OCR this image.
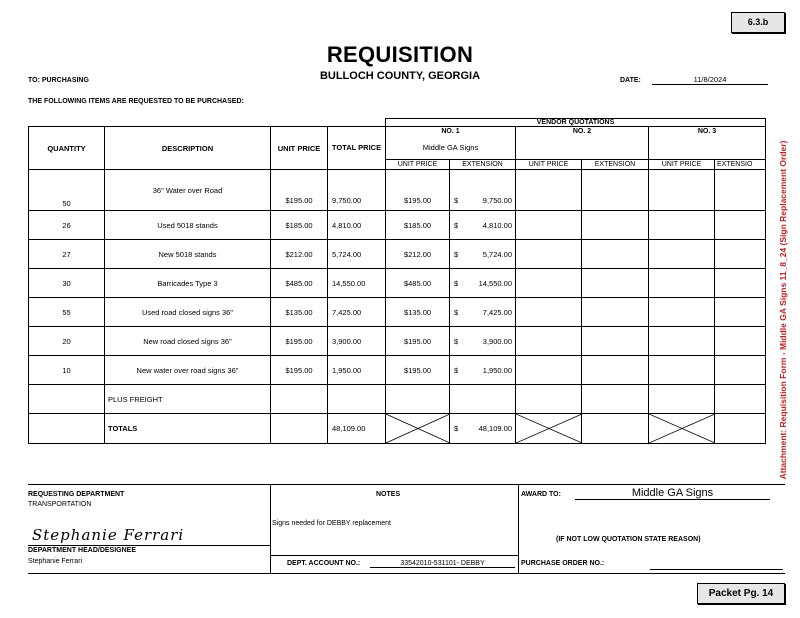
6.3.b
REQUISITION
BULLOCH COUNTY, GEORGIA
TO: PURCHASING	DATE:	11/8/2024
THE FOLLOWING ITEMS ARE REQUESTED TO BE PURCHASED:
				VENDOR QUOTATIONS					
QUANTITY	DESCRIPTION	UNIT PRICE	TOTAL PRICE	NO. 1		NO. 2		NO. 3	
				Middle GA Signs					
				UNIT PRICE	EXTENSION	UNIT PRICE	EXTENSION	UNIT PRICE	EXTENSIO
50	36" Water over Road	$195.00	9,750.00	$195.00	$ 9,750.00				

26	Used 5018 stands	$185.00	4,810.00	$185.00	$ 4,810.00				

27	New 5018 stands	$212.00	5,724.00	$212.00	$ 5,724.00				

30	Barricades Type 3	$485.00	14,550.00	$485.00	$ 14,550.00				

55	Used road closed signs 36"	$135.00	7,425.00	$135.00	$ 7,425.00				

20	New road closed signs 36"	$195.00	3,900.00	$195.00	$ 3,900.00				

10	New water over road signs 36"	$195.00	1,950.00	$195.00	$ 1,950.00				

	PLUS FREIGHT								
	TOTALS		48,109.00		$ 48,109.00

REQUESTING DEPARTMENT
TRANSPORTATION
Stephanie Ferrari
DEPARTMENT HEAD/DESIGNEE
Stephanie Ferrari
NOTES
Signs needed for DEBBY replacement
DEPT. ACCOUNT NO.:	33542010-531101- DEBBY
AWARD TO:	Middle GA Signs
(IF NOT LOW QUOTATION STATE REASON)
PURCHASE ORDER NO.:
Attachment: Requisition Form - Middle GA Signs 11_8_24 (Sign Replacement Order)
Packet Pg. 14
